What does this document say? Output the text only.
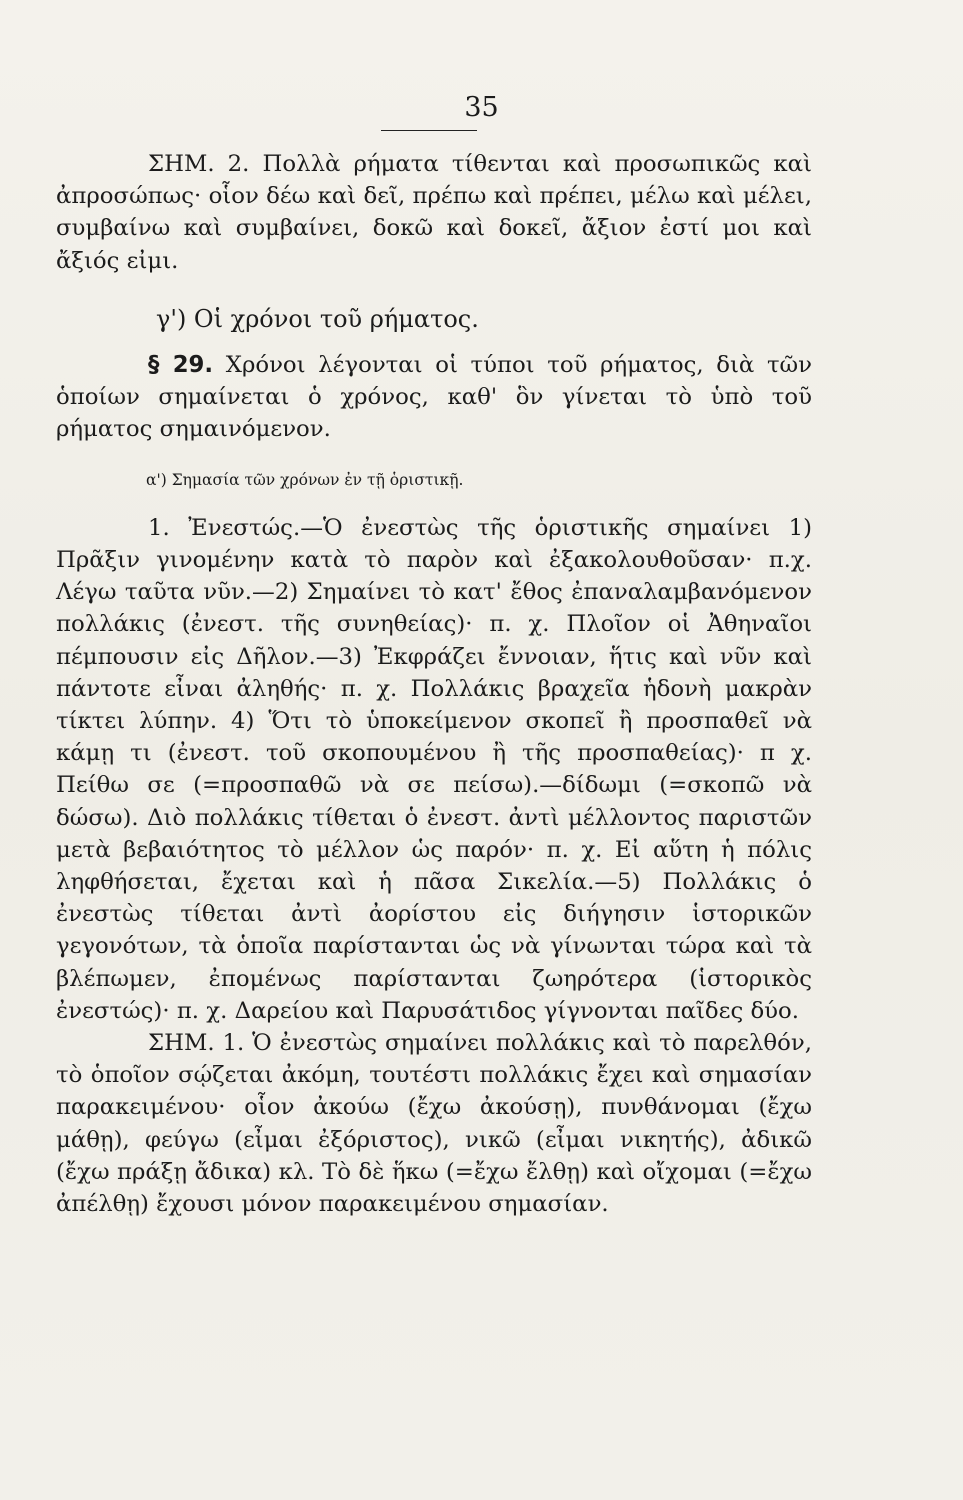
35

ΣΗΜ. 2. Πολλὰ ρήματα τίθενται καὶ προσωπικῶς καὶ ἀπροσώπως· οἷον δέω καὶ δεῖ, πρέπω καὶ πρέπει, μέλω καὶ μέλει, συμβαίνω καὶ συμβαίνει, δοκῶ καὶ δοκεῖ, ἄξιον ἐστί μοι καὶ ἄξιός εἰμι.

γ') Οἱ χρόνοι τοῦ ρήματος.

§ 29. Χρόνοι λέγονται οἱ τύποι τοῦ ρήματος, διὰ τῶν ὁποίων σημαίνεται ὁ χρόνος, καθ' ὃν γίνεται τὸ ὑπὸ τοῦ ρήματος σημαινόμενον.

α') Σημασία τῶν χρόνων ἐν τῇ ὁριστικῇ.

1. Ἐνεστώς.—Ὁ ἐνεστὼς τῆς ὁριστικῆς σημαίνει 1) Πρᾶξιν γινομένην κατὰ τὸ παρὸν καὶ ἐξακολουθοῦσαν· π.χ. Λέγω ταῦτα νῦν.—2) Σημαίνει τὸ κατ' ἔθος ἐπαναλαμβανόμενον πολλάκις (ἐνεστ. τῆς συνηθείας)· π. χ. Πλοῖον οἱ Ἀθηναῖοι πέμπουσιν εἰς Δῆλον.—3) Ἐκφράζει ἔννοιαν, ἥτις καὶ νῦν καὶ πάντοτε εἶναι ἀληθής· π. χ. Πολλάκις βραχεῖα ἡδονὴ μακρὰν τίκτει λύπην. 4) Ὅτι τὸ ὑποκείμενον σκοπεῖ ἢ προσπαθεῖ νὰ κάμῃ τι (ἐνεστ. τοῦ σκοπουμένου ἢ τῆς προσπαθείας)· π χ. Πείθω σε (=προσπαθῶ νὰ σε πείσω).—δίδωμι (=σκοπῶ νὰ δώσω). Διὸ πολλάκις τίθεται ὁ ἐνεστ. ἀντὶ μέλλοντος παριστῶν μετὰ βεβαιότητος τὸ μέλλον ὡς παρόν· π. χ. Εἰ αὕτη ἡ πόλις ληφθήσεται, ἔχεται καὶ ἡ πᾶσα Σικελία.—5) Πολλάκις ὁ ἐνεστὼς τίθεται ἀντὶ ἀορίστου εἰς διήγησιν ἱστορικῶν γεγονότων, τὰ ὁποῖα παρίστανται ὡς νὰ γίνωνται τώρα καὶ τὰ βλέπωμεν, ἐπομένως παρίστανται ζωηρότερα (ἱστορικὸς ἐνεστώς)· π. χ. Δαρείου καὶ Παρυσάτιδος γίγνονται παῖδες δύο.

ΣΗΜ. 1. Ὁ ἐνεστὼς σημαίνει πολλάκις καὶ τὸ παρελθόν, τὸ ὁποῖον σῴζεται ἀκόμη, τουτέστι πολλάκις ἔχει καὶ σημασίαν παρακειμένου· οἷον ἀκούω (ἔχω ἀκούσῃ), πυνθάνομαι (ἔχω μάθῃ), φεύγω (εἶμαι ἐξόριστος), νικῶ (εἶμαι νικητής), ἀδικῶ (ἔχω πράξῃ ἄδικα) κλ. Τὸ δὲ ἥκω (=ἔχω ἔλθῃ) καὶ οἴχομαι (=ἔχω ἀπέλθῃ) ἔχουσι μόνον παρακειμένου σημασίαν.
